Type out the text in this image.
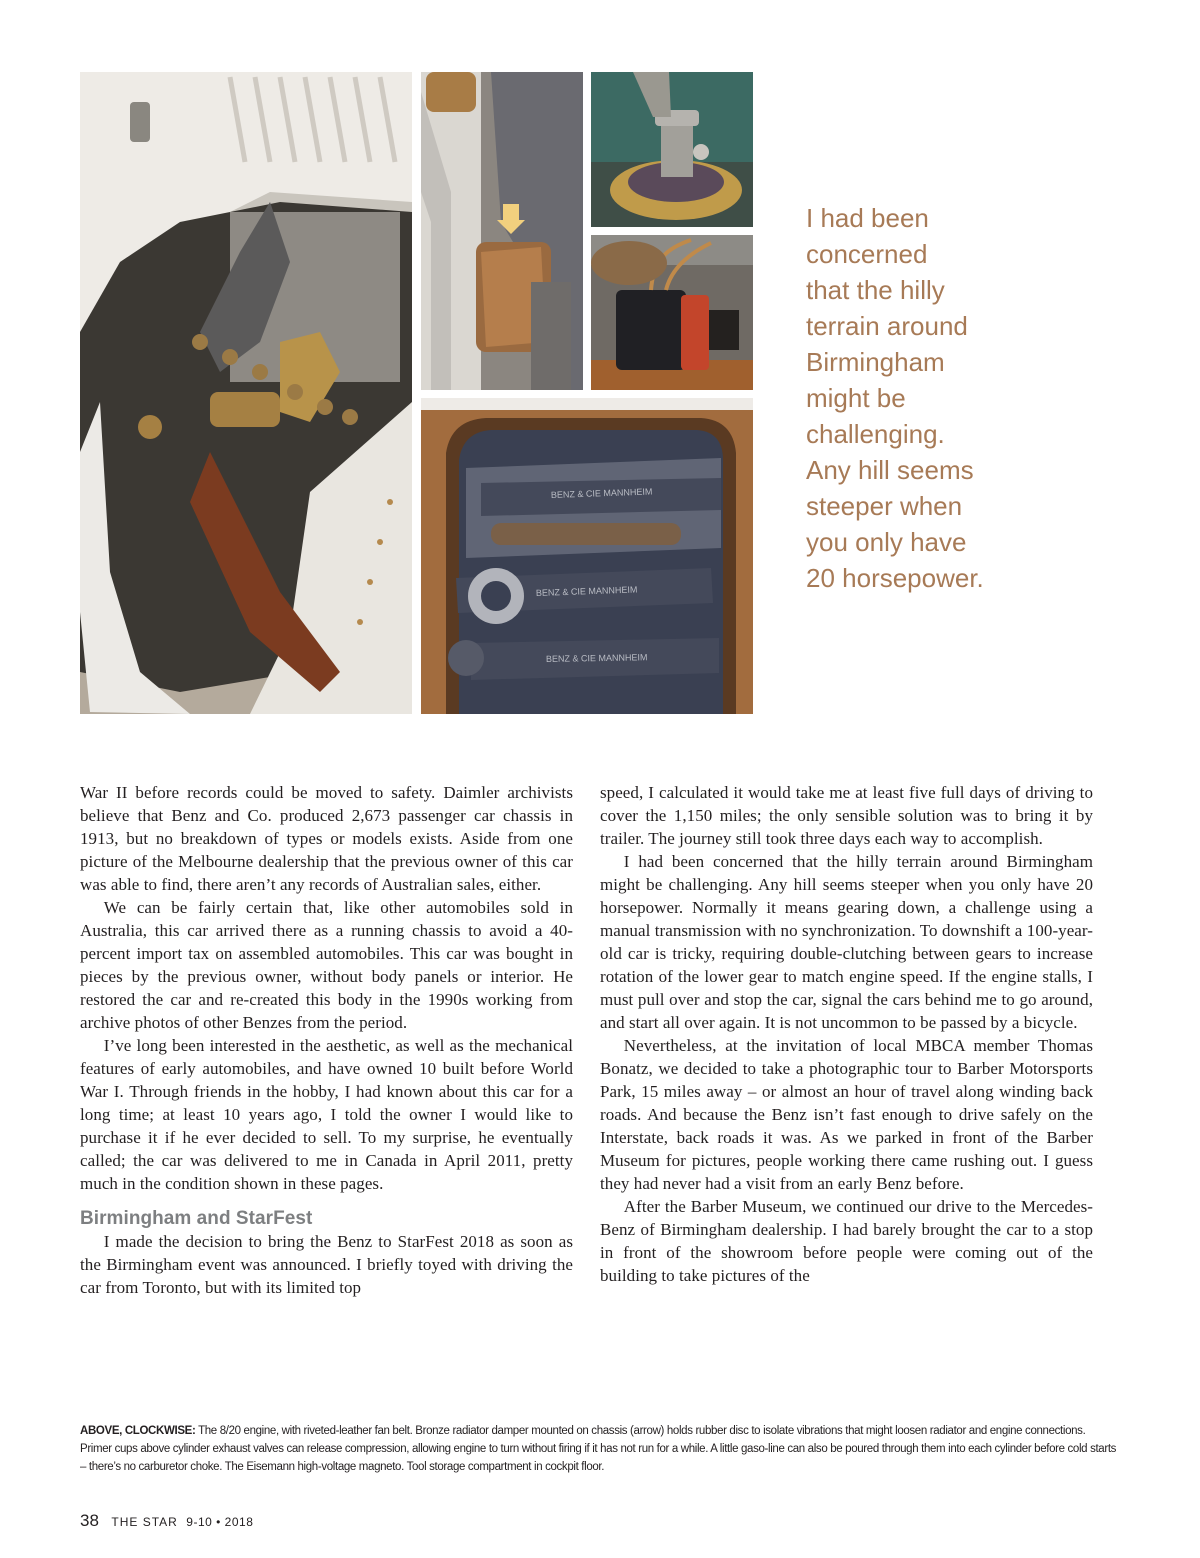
BENZ & CIE MANNHEIM
BENZ & CIE MANNHEIM
BENZ & CIE MANNHEIM
I had been
concerned
that the hilly
terrain around
Birmingham
might be
challenging.
Any hill seems
steeper when
you only have
20 horsepower.

War II before records could be moved to safety. Daimler archivists believe that Benz and Co. produced 2,673 passenger car chassis in 1913, but no breakdown of types or models exists. Aside from one picture of the Melbourne dealership that the previous owner of this car was able to find, there aren’t any records of Australian sales, either.

We can be fairly certain that, like other automobiles sold in Australia, this car arrived there as a running chassis to avoid a 40-percent import tax on assembled automobiles. This car was bought in pieces by the previous owner, without body panels or interior. He restored the car and re-created this body in the 1990s working from archive photos of other Benzes from the period.

I’ve long been interested in the aesthetic, as well as the mechanical features of early automobiles, and have owned 10 built before World War I. Through friends in the hobby, I had known about this car for a long time; at least 10 years ago, I told the owner I would like to purchase it if he ever decided to sell. To my surprise, he eventually called; the car was delivered to me in Canada in April 2011, pretty much in the condition shown in these pages.

Birmingham and StarFest

I made the decision to bring the Benz to StarFest 2018 as soon as the Birmingham event was announced. I briefly toyed with driving the car from Toronto, but with its limited top

speed, I calculated it would take me at least five full days of driving to cover the 1,150 miles; the only sensible solution was to bring it by trailer. The journey still took three days each way to accomplish.

I had been concerned that the hilly terrain around Birmingham might be challenging. Any hill seems steeper when you only have 20 horsepower. Normally it means gearing down, a challenge using a manual transmission with no synchronization. To downshift a 100-year-old car is tricky, requiring double-clutching between gears to increase rotation of the lower gear to match engine speed. If the engine stalls, I must pull over and stop the car, signal the cars behind me to go around, and start all over again. It is not uncommon to be passed by a bicycle.

Nevertheless, at the invitation of local MBCA member Thomas Bonatz, we decided to take a photographic tour to Barber Motorsports Park, 15 miles away – or almost an hour of travel along winding back roads. And because the Benz isn’t fast enough to drive safely on the Interstate, back roads it was. As we parked in front of the Barber Museum for pictures, people working there came rushing out. I guess they had never had a visit from an early Benz before.

After the Barber Museum, we continued our drive to the Mercedes-Benz of Birmingham dealership. I had barely brought the car to a stop in front of the showroom before people were coming out of the building to take pictures of the

ABOVE, CLOCKWISE: The 8/20 engine, with riveted-leather fan belt. Bronze radiator damper mounted on chassis (arrow) holds rubber disc to isolate vibrations that might loosen radiator and engine connections. Primer cups above cylinder exhaust valves can release compression, allowing engine to turn without firing if it has not run for a while. A little gaso-line can also be poured through them into each cylinder before cold starts – there’s no carburetor choke. The Eisemann high-voltage magneto. Tool storage compartment in cockpit floor.

38 THE STAR 9-10 • 2018
